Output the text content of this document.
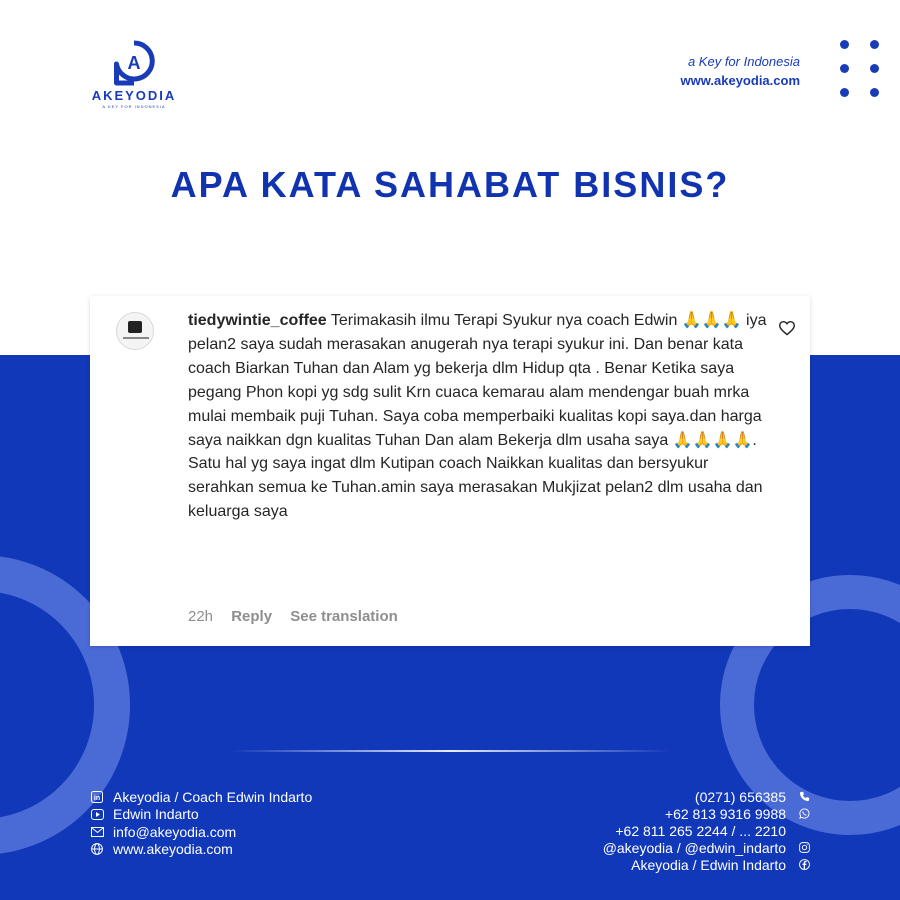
A
AKEYODIA
A KEY FOR INDONESIA
a Key for Indonesia
www.akeyodia.com
APA KATA SAHABAT BISNIS?
tiedywintie_coffee Terimakasih ilmu Terapi Syukur nya coach Edwin 🙏🙏🙏 iya pelan2 saya sudah merasakan anugerah nya terapi syukur ini. Dan benar kata coach Biarkan Tuhan dan Alam yg bekerja dlm Hidup qta . Benar Ketika saya pegang Phon kopi yg sdg sulit Krn cuaca kemarau alam mendengar buah mrka mulai membaik puji Tuhan. Saya coba memperbaiki kualitas kopi saya.dan harga saya naikkan dgn kualitas Tuhan Dan alam Bekerja dlm usaha saya 🙏🙏🙏🙏. Satu hal yg saya ingat dlm Kutipan coach Naikkan kualitas dan bersyukur serahkan semua ke Tuhan.amin saya merasakan Mukjizat pelan2 dlm usaha dan keluarga saya
22h Reply See translation
in Akeyodia / Coach Edwin Indarto
Edwin Indarto
info@akeyodia.com
www.akeyodia.com
(0271) 656385
+62 813 9316 9988
+62 811 265 2244 / ... 2210
@akeyodia / @edwin_indarto
Akeyodia / Edwin Indarto
